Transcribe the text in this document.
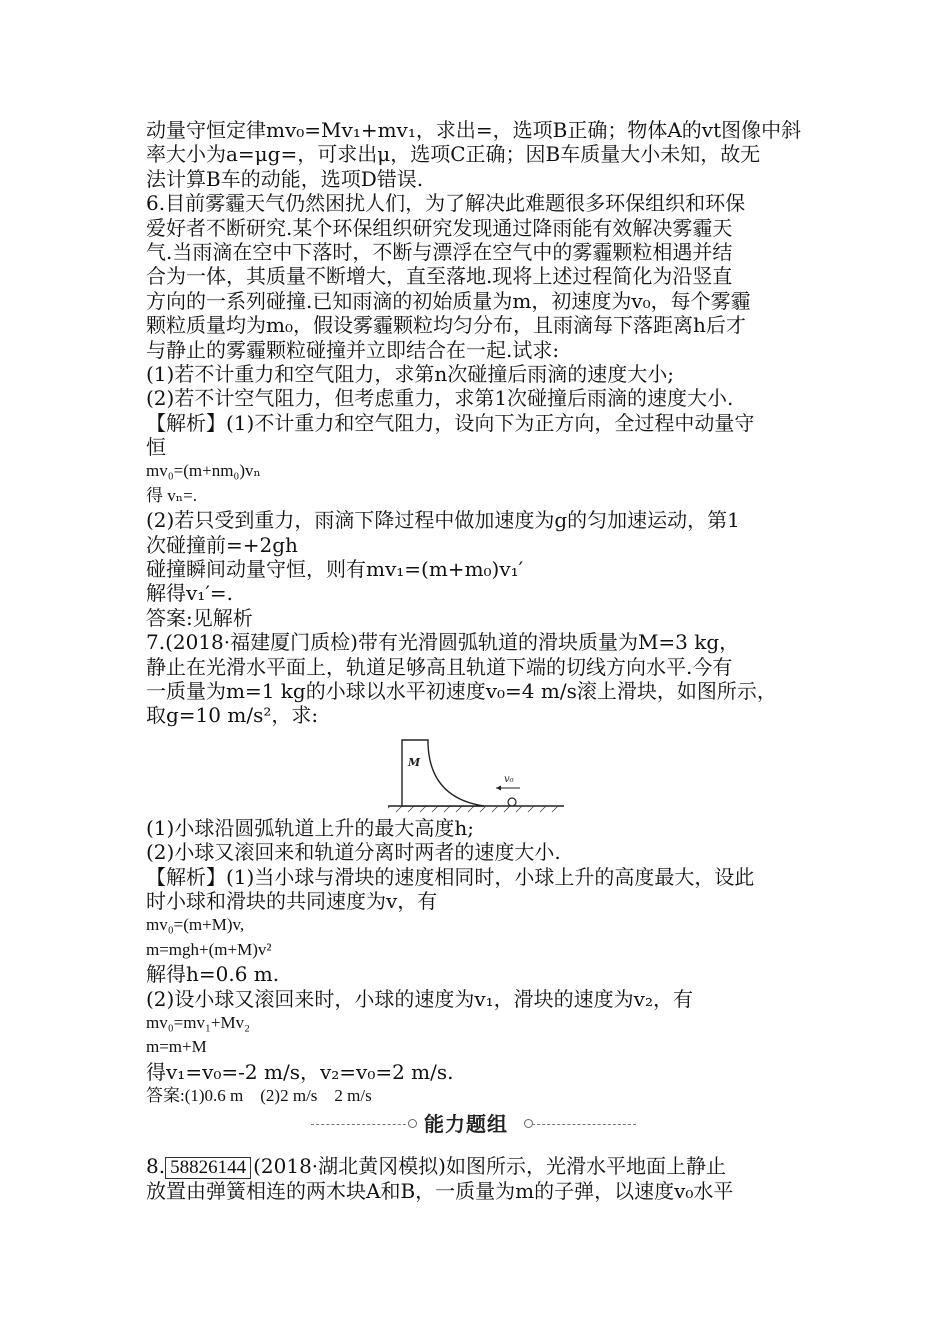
动量守恒定律mv₀=Mv₁+mv₁，求出=，选项B正确；物体A的vt图像中斜
率大小为a=μg=，可求出μ，选项C正确；因B车质量大小未知，故无
法计算B车的动能，选项D错误.
6.目前雾霾天气仍然困扰人们，为了解决此难题很多环保组织和环保
爱好者不断研究.某个环保组织研究发现通过降雨能有效解决雾霾天
气.当雨滴在空中下落时，不断与漂浮在空气中的雾霾颗粒相遇并结
合为一体，其质量不断增大，直至落地.现将上述过程简化为沿竖直
方向的一系列碰撞.已知雨滴的初始质量为m，初速度为v₀，每个雾霾
颗粒质量均为m₀，假设雾霾颗粒均匀分布，且雨滴每下落距离h后才
与静止的雾霾颗粒碰撞并立即结合在一起.试求:
(1)若不计重力和空气阻力，求第n次碰撞后雨滴的速度大小;
(2)若不计空气阻力，但考虑重力，求第1次碰撞后雨滴的速度大小.
【解析】(1)不计重力和空气阻力，设向下为正方向，全过程中动量守
恒
mv₀=(m+nm₀)vₙ
得 vₙ=.
(2)若只受到重力，雨滴下降过程中做加速度为g的匀加速运动，第1
次碰撞前=+2gh
碰撞瞬间动量守恒，则有mv₁=(m+m₀)v₁′
解得v₁′=.
答案:见解析
7.(2018·福建厦门质检)带有光滑圆弧轨道的滑块质量为M=3 kg，
静止在光滑水平面上，轨道足够高且轨道下端的切线方向水平.今有
一质量为m=1 kg的小球以水平初速度v₀=4 m/s滚上滑块，如图所示，
取g=10 m/s²，求:
M
v₀
(1)小球沿圆弧轨道上升的最大高度h;
(2)小球又滚回来和轨道分离时两者的速度大小.
【解析】(1)当小球与滑块的速度相同时，小球上升的高度最大，设此
时小球和滑块的共同速度为v，有
mv₀=(m+M)v,
m=mgh+(m+M)v²
解得h=0.6 m.
(2)设小球又滚回来时，小球的速度为v₁，滑块的速度为v₂，有
mv₀=mv₁+Mv₂
m=m+M
得v₁=v₀=-2 m/s，v₂=v₀=2 m/s.
答案:(1)0.6 m　(2)2 m/s　2 m/s
能力题组
8. 58826144 (2018·湖北黄冈模拟)如图所示，光滑水平地面上静止
放置由弹簧相连的两木块A和B，一质量为m的子弹，以速度v₀水平
